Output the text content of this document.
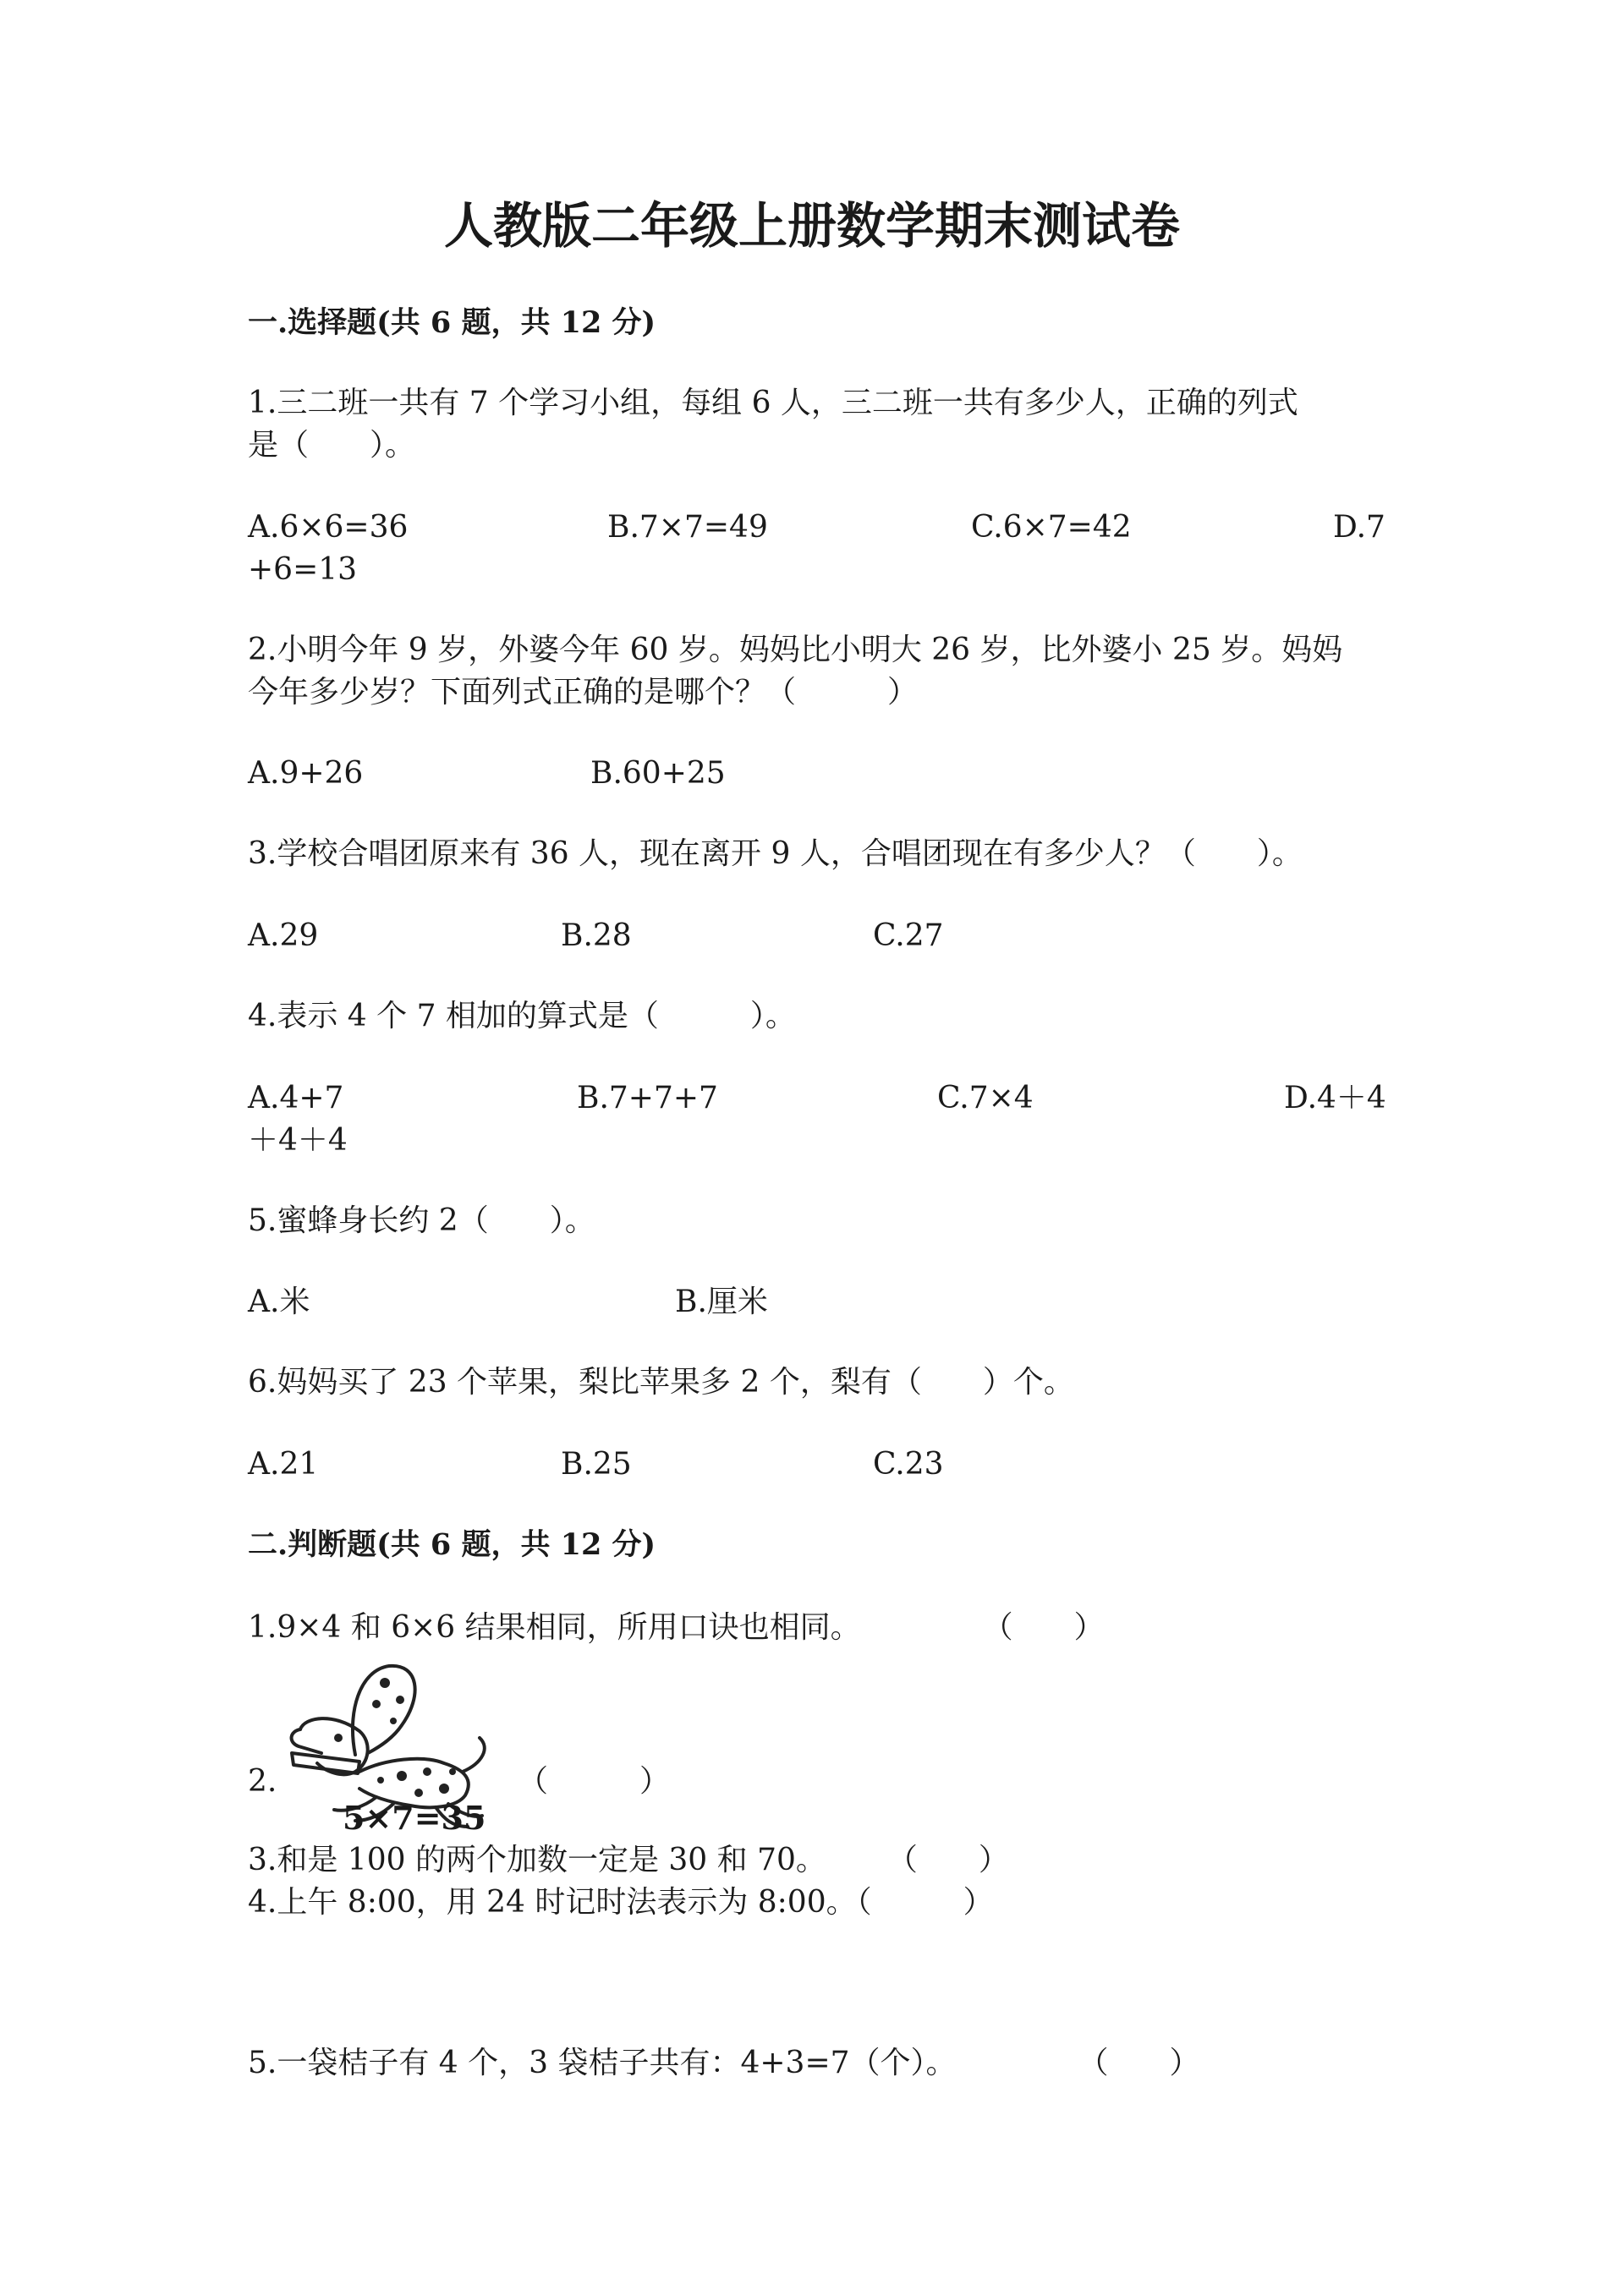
人教版二年级上册数学期末测试卷
一.选择题(共 6 题，共 12 分)
1.三二班一共有 7 个学习小组，每组 6 人，三二班一共有多少人，正确的列式
是（　　）。
A.6×6=36	B.7×7=49	C.6×7=42	D.7
+6=13
2.小明今年 9 岁，外婆今年 60 岁。妈妈比小明大 26 岁，比外婆小 25 岁。妈妈
今年多少岁？下面列式正确的是哪个？（　　　）
A.9+26	B.60+25
3.学校合唱团原来有 36 人，现在离开 9 人，合唱团现在有多少人？（　　）。
A.29	B.28	C.27
4.表示 4 个 7 相加的算式是（　　　）。
A.4+7	B.7+7+7	C.7×4	D.4＋4
＋4＋4
5.蜜蜂身长约 2（　　）。
A.米	B.厘米
6.妈妈买了 23 个苹果，梨比苹果多 2 个，梨有（　　）个。
A.21	B.25	C.23
二.判断题(共 6 题，共 12 分)
1.9×4 和 6×6 结果相同，所用口诀也相同。　　　　　（　　）
2.
5×7=35
（　　　）
3.和是 100 的两个加数一定是 30 和 70。　　　（　　）
4.上午 8:00，用 24 时记时法表示为 8:00。（　　　）
5.一袋桔子有 4 个，3 袋桔子共有：4+3=7（个）。　　　　　（　　）
